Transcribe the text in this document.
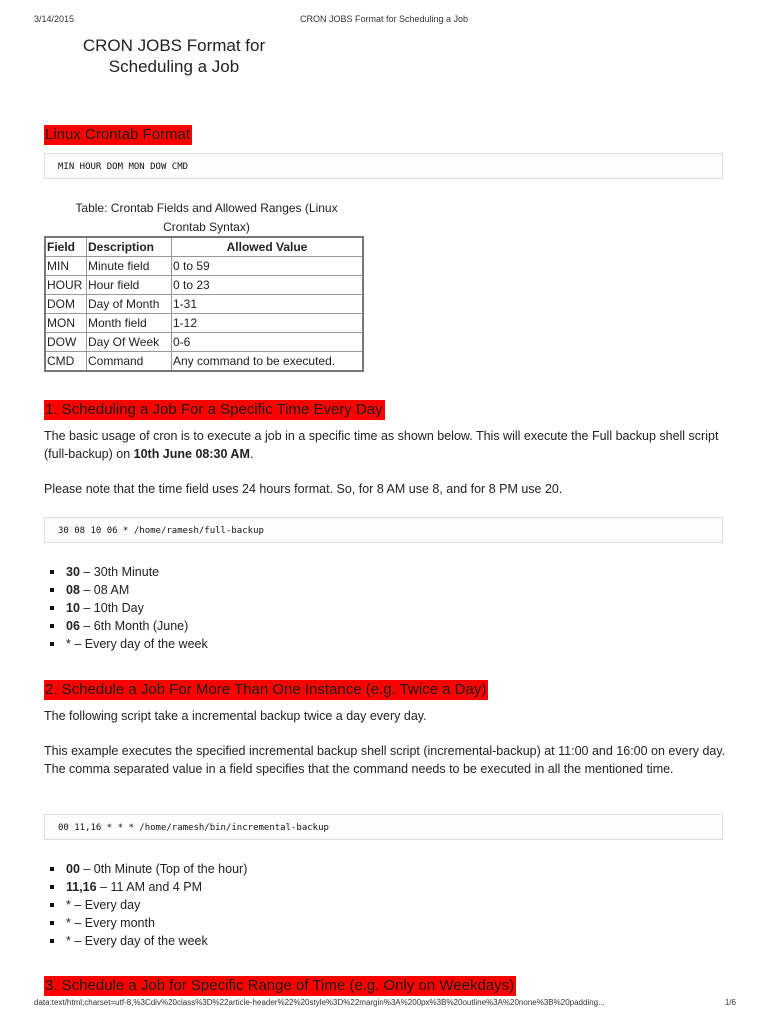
3/14/2015	CRON JOBS Format for Scheduling a Job
CRON JOBS Format for
Scheduling a Job
Linux Crontab Format
MIN HOUR DOM MON DOW CMD
Table: Crontab Fields and Allowed Ranges (Linux
Crontab Syntax)
Field	Description	Allowed Value
MIN	Minute field	0 to 59
HOUR	Hour field	0 to 23
DOM	Day of Month	1-31
MON	Month field	1-12
DOW	Day Of Week	0-6
CMD	Command	Any command to be executed.
1. Scheduling a Job For a Specific Time Every Day

The basic usage of cron is to execute a job in a specific time as shown below. This will execute the Full backup shell script (full-backup) on 10th June 08:30 AM.

Please note that the time field uses 24 hours format. So, for 8 AM use 8, and for 8 PM use 20.

30 08 10 06 * /home/ramesh/full-backup
30 – 30th Minute
08 – 08 AM
10 – 10th Day
06 – 6th Month (June)
* – Every day of the week
2. Schedule a Job For More Than One Instance (e.g. Twice a Day)

The following script take a incremental backup twice a day every day.

This example executes the specified incremental backup shell script (incremental-backup) at 11:00 and 16:00 on every day. The comma separated value in a field specifies that the command needs to be executed in all the mentioned time.

00 11,16 * * * /home/ramesh/bin/incremental-backup
00 – 0th Minute (Top of the hour)
11,16 – 11 AM and 4 PM
* – Every day
* – Every month
* – Every day of the week
3. Schedule a Job for Specific Range of Time (e.g. Only on Weekdays)
data:text/html;charset=utf-8,%3Cdiv%20class%3D%22article-header%22%20style%3D%22margin%3A%200px%3B%20outline%3A%20none%3B%20padding...	1/6
